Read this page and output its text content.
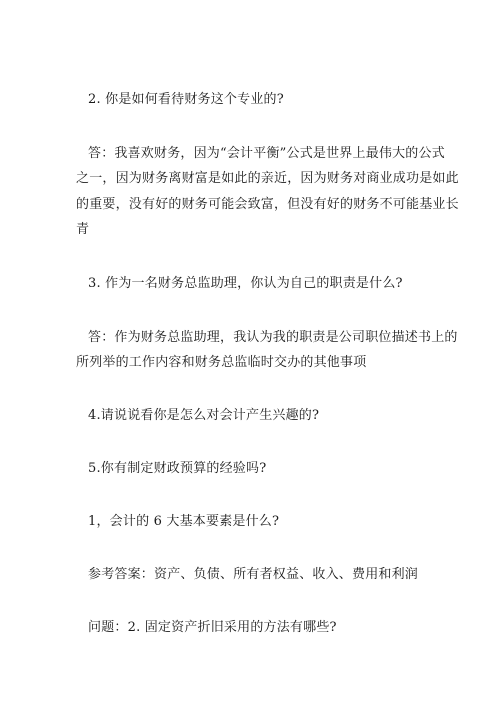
2. 你是如何看待财务这个专业的?
答：我喜欢财务，因为“会计平衡”公式是世界上最伟大的公式
之一，因为财务离财富是如此的亲近，因为财务对商业成功是如此
的重要，没有好的财务可能会致富，但没有好的财务不可能基业长
青
3. 作为一名财务总监助理，你认为自己的职责是什么?
答：作为财务总监助理，我认为我的职责是公司职位描述书上的
所列举的工作内容和财务总监临时交办的其他事项
4.请说说看你是怎么对会计产生兴趣的?
5.你有制定财政预算的经验吗?
1，会计的 6 大基本要素是什么?
参考答案：资产、负债、所有者权益、收入、费用和利润
问题：2. 固定资产折旧采用的方法有哪些?
